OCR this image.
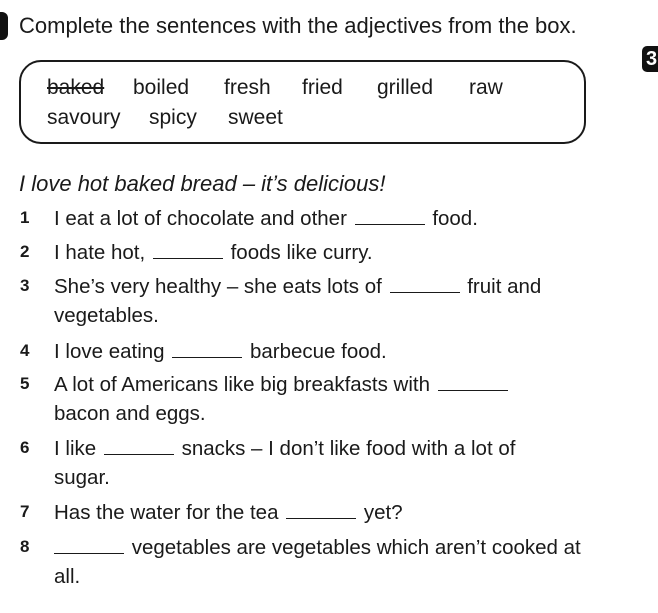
3
Complete the sentences with the adjectives from the box.
baked boiled fresh fried grilled raw
savoury spicy sweet
I love hot baked bread – it’s delicious!
1	I eat a lot of chocolate and other	food.
2	I hate hot,	foods like curry.
3	She’s very healthy – she eats lots of	fruit and vegetables.
4	I love eating	barbecue food.
5	A lot of Americans like big breakfasts with  bacon and eggs.
6	I like	snacks – I don’t like food with a lot of sugar.
7	Has the water for the tea	yet?
8	vegetables are vegetables which aren’t cooked at all.
